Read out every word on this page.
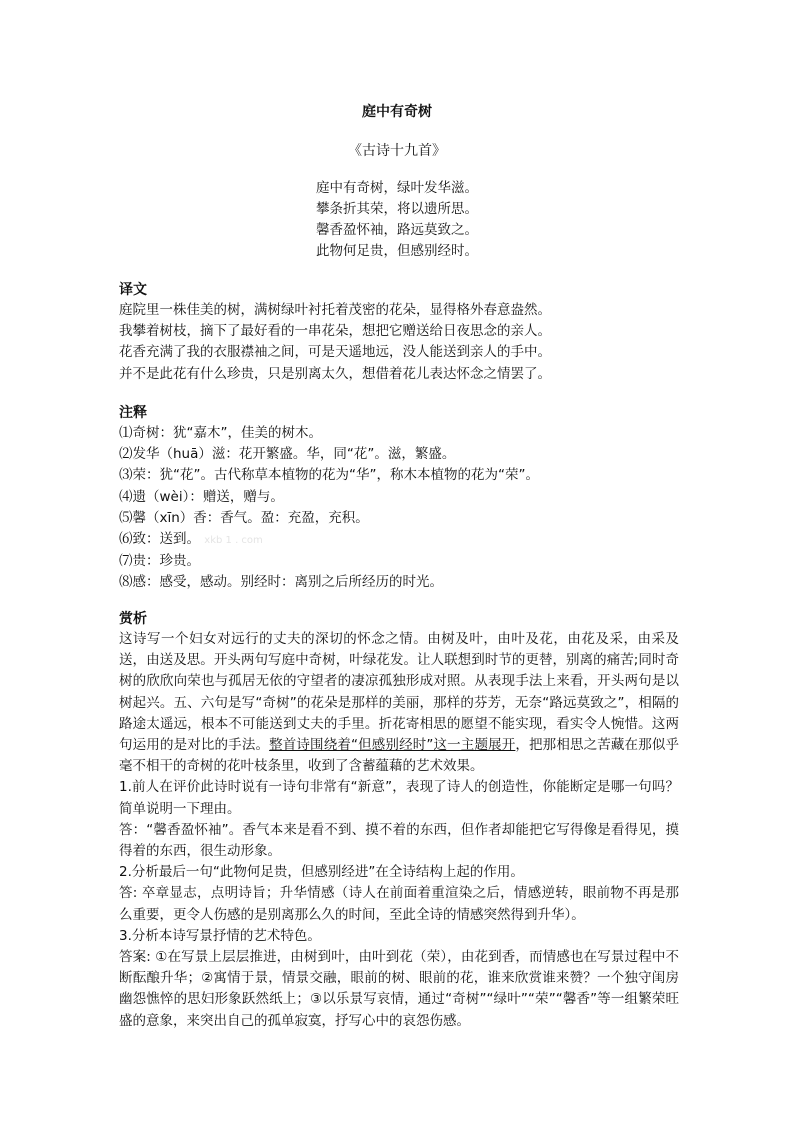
庭中有奇树
《古诗十九首》
庭中有奇树，绿叶发华滋。
攀条折其荣，将以遗所思。
馨香盈怀袖，路远莫致之。
此物何足贵，但感别经时。
译文
庭院里一株佳美的树，满树绿叶衬托着茂密的花朵，显得格外春意盎然。
我攀着树枝，摘下了最好看的一串花朵，想把它赠送给日夜思念的亲人。
花香充满了我的衣服襟袖之间，可是天遥地远，没人能送到亲人的手中。
并不是此花有什么珍贵，只是别离太久，想借着花儿表达怀念之情罢了。
注释
⑴奇树：犹“嘉木”，佳美的树木。
⑵发华（huā）滋：花开繁盛。华，同“花”。滋，繁盛。
⑶荣：犹“花”。古代称草本植物的花为“华”，称木本植物的花为“荣”。
⑷遗（wèi）：赠送，赠与。
⑸馨（xīn）香：香气。盈：充盈，充积。
⑹致：送到。 xkb 1 . com
⑺贵：珍贵。
⑻感：感受，感动。别经时：离别之后所经历的时光。
赏析
这诗写一个妇女对远行的丈夫的深切的怀念之情。由树及叶，由叶及花，由花及采，由采及送，由送及思。开头两句写庭中奇树，叶绿花发。让人联想到时节的更替，别离的痛苦;同时奇树的欣欣向荣也与孤居无依的守望者的凄凉孤独形成对照。从表现手法上来看，开头两句是以树起兴。五、六句是写“奇树”的花朵是那样的美丽，那样的芬芳，无奈“路远莫致之”，相隔的路途太遥远，根本不可能送到丈夫的手里。折花寄相思的愿望不能实现，看实令人惋惜。这两句运用的是对比的手法。整首诗围绕着“但感别经时”这一主题展开，把那相思之苦藏在那似乎毫不相干的奇树的花叶枝条里，收到了含蓄蕴藉的艺术效果。
1.前人在评价此诗时说有一诗句非常有“新意”，表现了诗人的创造性，你能断定是哪一句吗？简单说明一下理由。
答：“馨香盈怀袖”。香气本来是看不到、摸不着的东西，但作者却能把它写得像是看得见，摸得着的东西，很生动形象。
2.分析最后一句“此物何足贵，但感别经进”在全诗结构上起的作用。
答: 卒章显志，点明诗旨；升华情感（诗人在前面着重渲染之后，情感逆转，眼前物不再是那么重要，更令人伤感的是别离那么久的时间，至此全诗的情感突然得到升华）。
3.分析本诗写景抒情的艺术特色。
答案: ①在写景上层层推进，由树到叶，由叶到花（荣），由花到香，而情感也在写景过程中不断酝酿升华；②寓情于景，情景交融，眼前的树、眼前的花，谁来欣赏谁来赞？一个独守闺房幽怨憔悴的思妇形象跃然纸上；③以乐景写哀情，通过“奇树”“绿叶”“荣”“馨香”等一组繁荣旺盛的意象，来突出自己的孤单寂寞，抒写心中的哀怨伤感。
